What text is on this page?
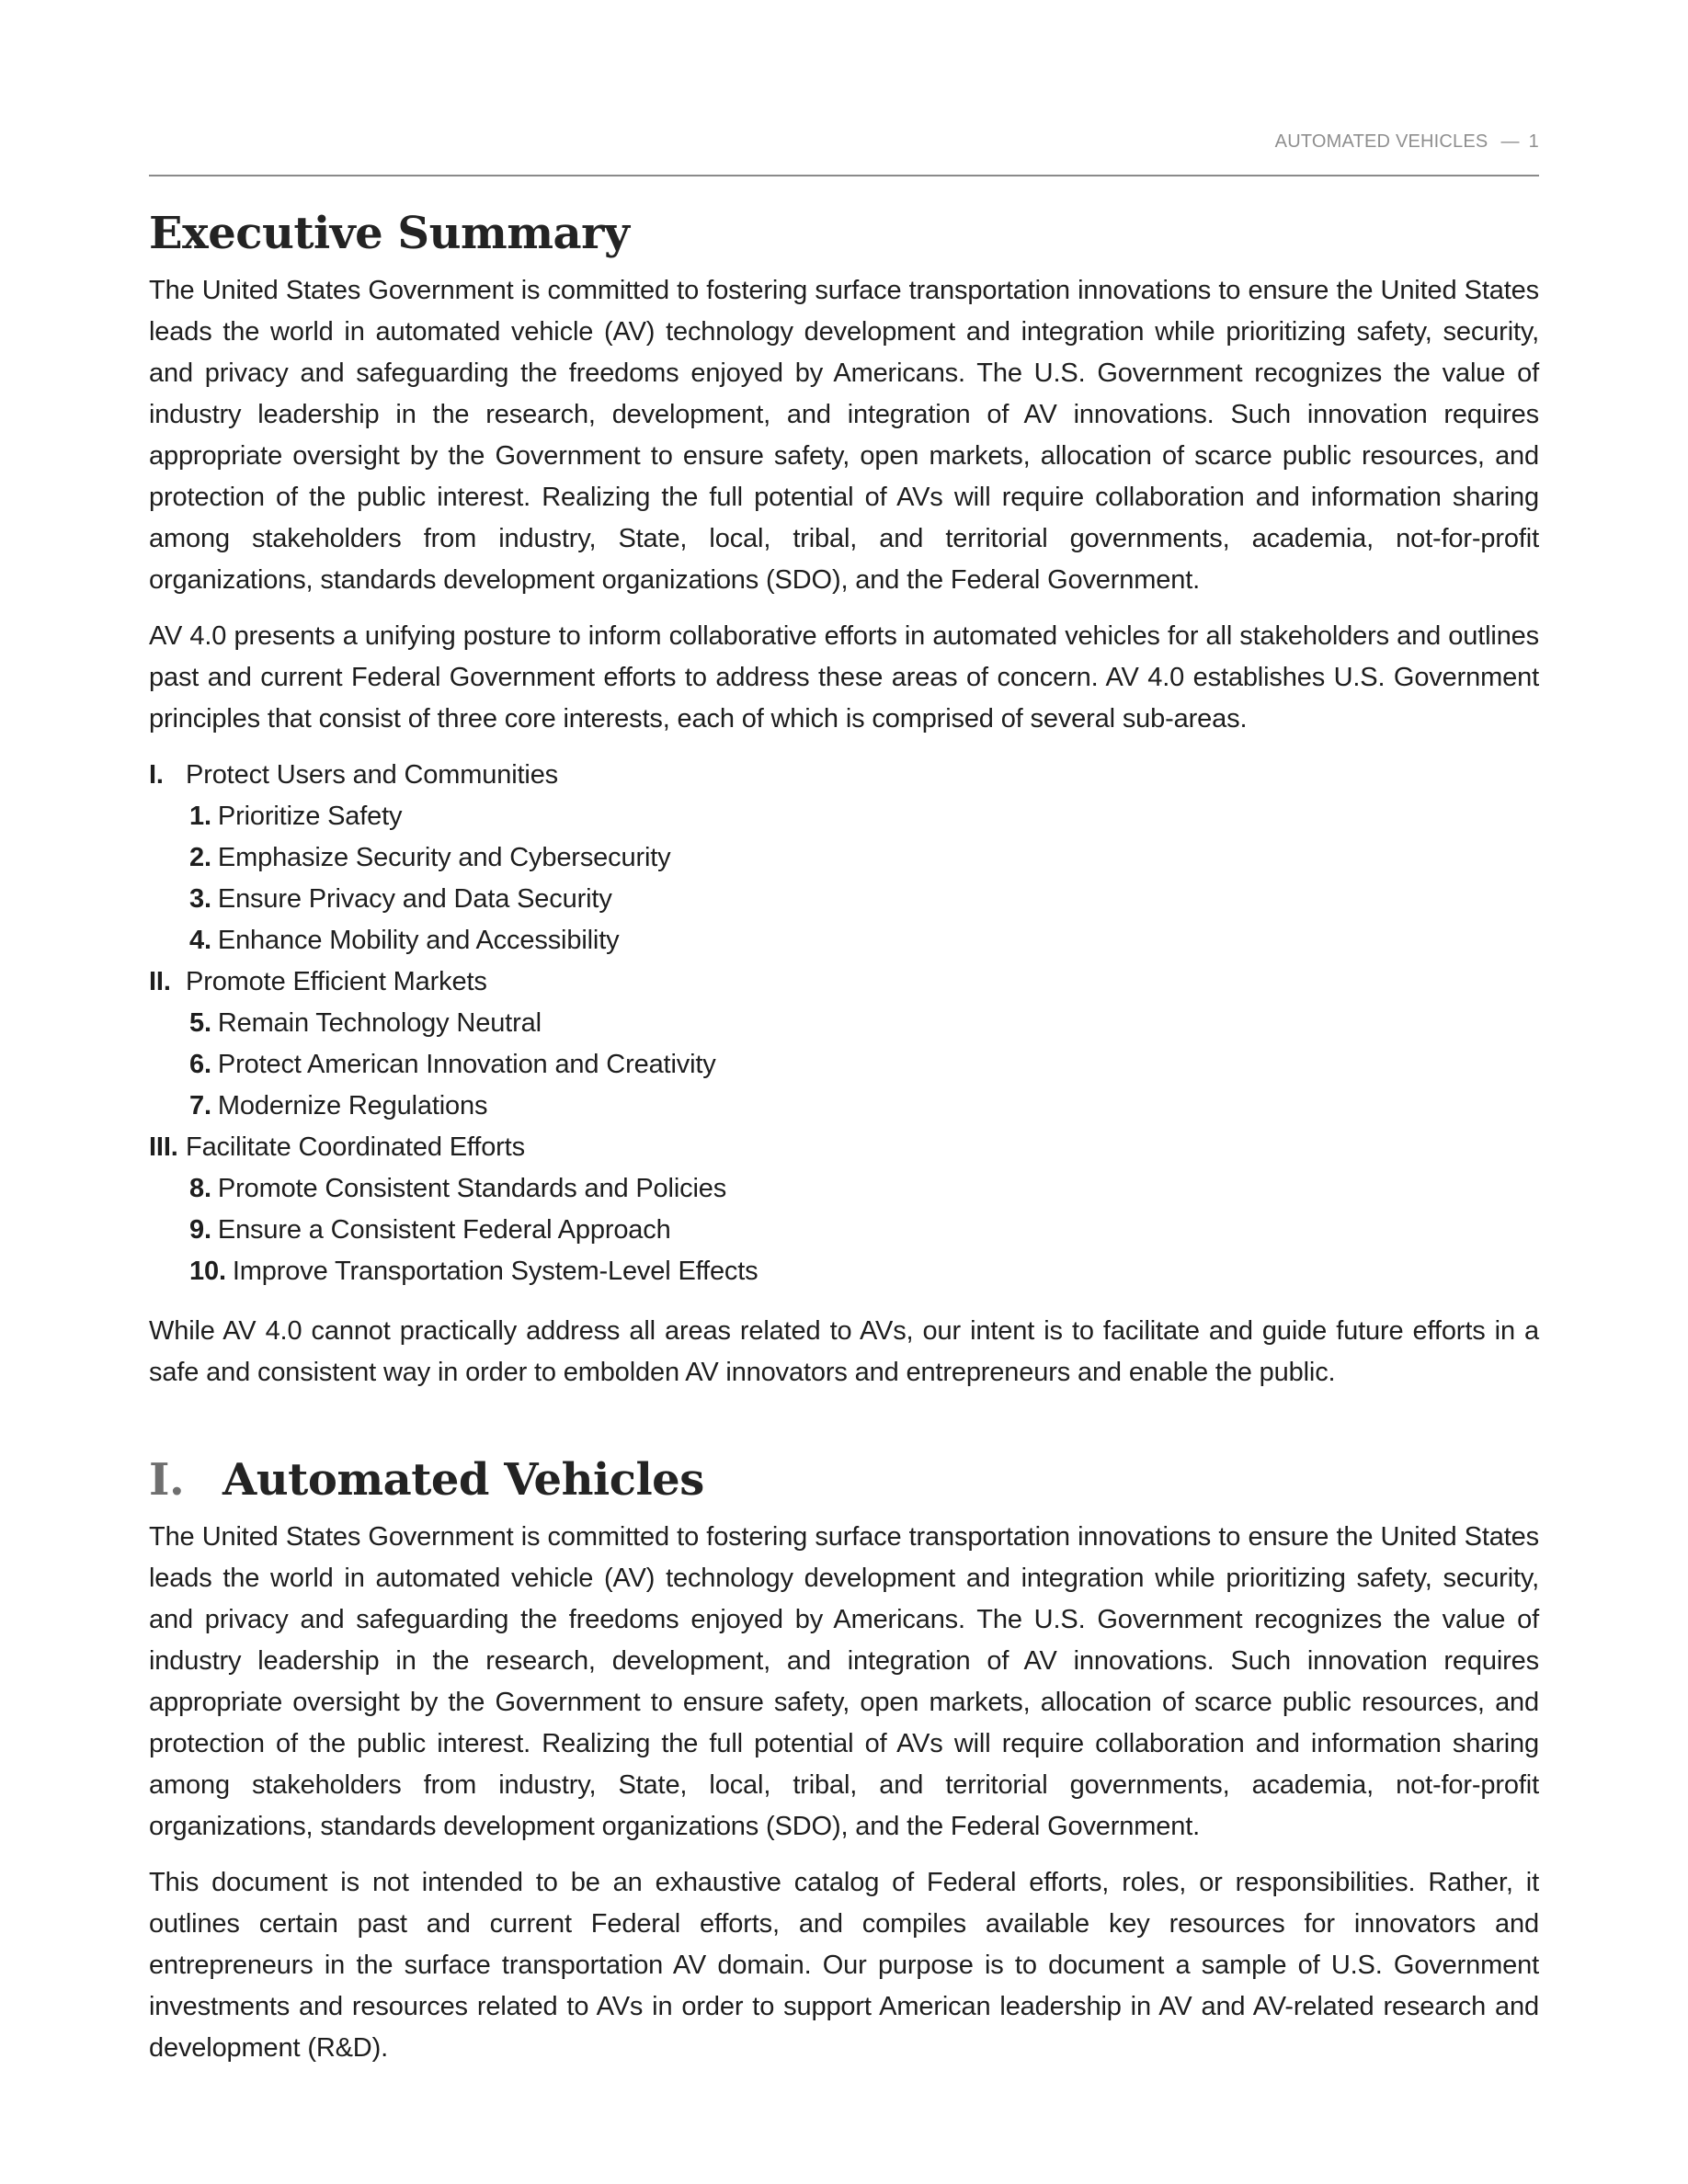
AUTOMATED VEHICLES — 1
Executive Summary

The United States Government is committed to fostering surface transportation innovations to ensure the United States leads the world in automated vehicle (AV) technology development and integration while prioritizing safety, security, and privacy and safeguarding the freedoms enjoyed by Americans. The U.S. Government recognizes the value of industry leadership in the research, development, and integration of AV innovations. Such innovation requires appropriate oversight by the Government to ensure safety, open markets, allocation of scarce public resources, and protection of the public interest. Realizing the full potential of AVs will require collaboration and information sharing among stakeholders from industry, State, local, tribal, and territorial governments, academia, not-for-profit organizations, standards development organizations (SDO), and the Federal Government.

AV 4.0 presents a unifying posture to inform collaborative efforts in automated vehicles for all stakeholders and outlines past and current Federal Government efforts to address these areas of concern. AV 4.0 establishes U.S. Government principles that consist of three core interests, each of which is comprised of several sub-areas.

I. Protect Users and Communities
1. Prioritize Safety
2. Emphasize Security and Cybersecurity
3. Ensure Privacy and Data Security
4. Enhance Mobility and Accessibility
II. Promote Efficient Markets
5. Remain Technology Neutral
6. Protect American Innovation and Creativity
7. Modernize Regulations
III. Facilitate Coordinated Efforts
8. Promote Consistent Standards and Policies
9. Ensure a Consistent Federal Approach
10. Improve Transportation System-Level Effects

While AV 4.0 cannot practically address all areas related to AVs, our intent is to facilitate and guide future efforts in a safe and consistent way in order to embolden AV innovators and entrepreneurs and enable the public.

I. Automated Vehicles

The United States Government is committed to fostering surface transportation innovations to ensure the United States leads the world in automated vehicle (AV) technology development and integration while prioritizing safety, security, and privacy and safeguarding the freedoms enjoyed by Americans. The U.S. Government recognizes the value of industry leadership in the research, development, and integration of AV innovations. Such innovation requires appropriate oversight by the Government to ensure safety, open markets, allocation of scarce public resources, and protection of the public interest. Realizing the full potential of AVs will require collaboration and information sharing among stakeholders from industry, State, local, tribal, and territorial governments, academia, not-for-profit organizations, standards development organizations (SDO), and the Federal Government.

This document is not intended to be an exhaustive catalog of Federal efforts, roles, or responsibilities. Rather, it outlines certain past and current Federal efforts, and compiles available key resources for innovators and entrepreneurs in the surface transportation AV domain. Our purpose is to document a sample of U.S. Government investments and resources related to AVs in order to support American leadership in AV and AV-related research and development (R&D).
